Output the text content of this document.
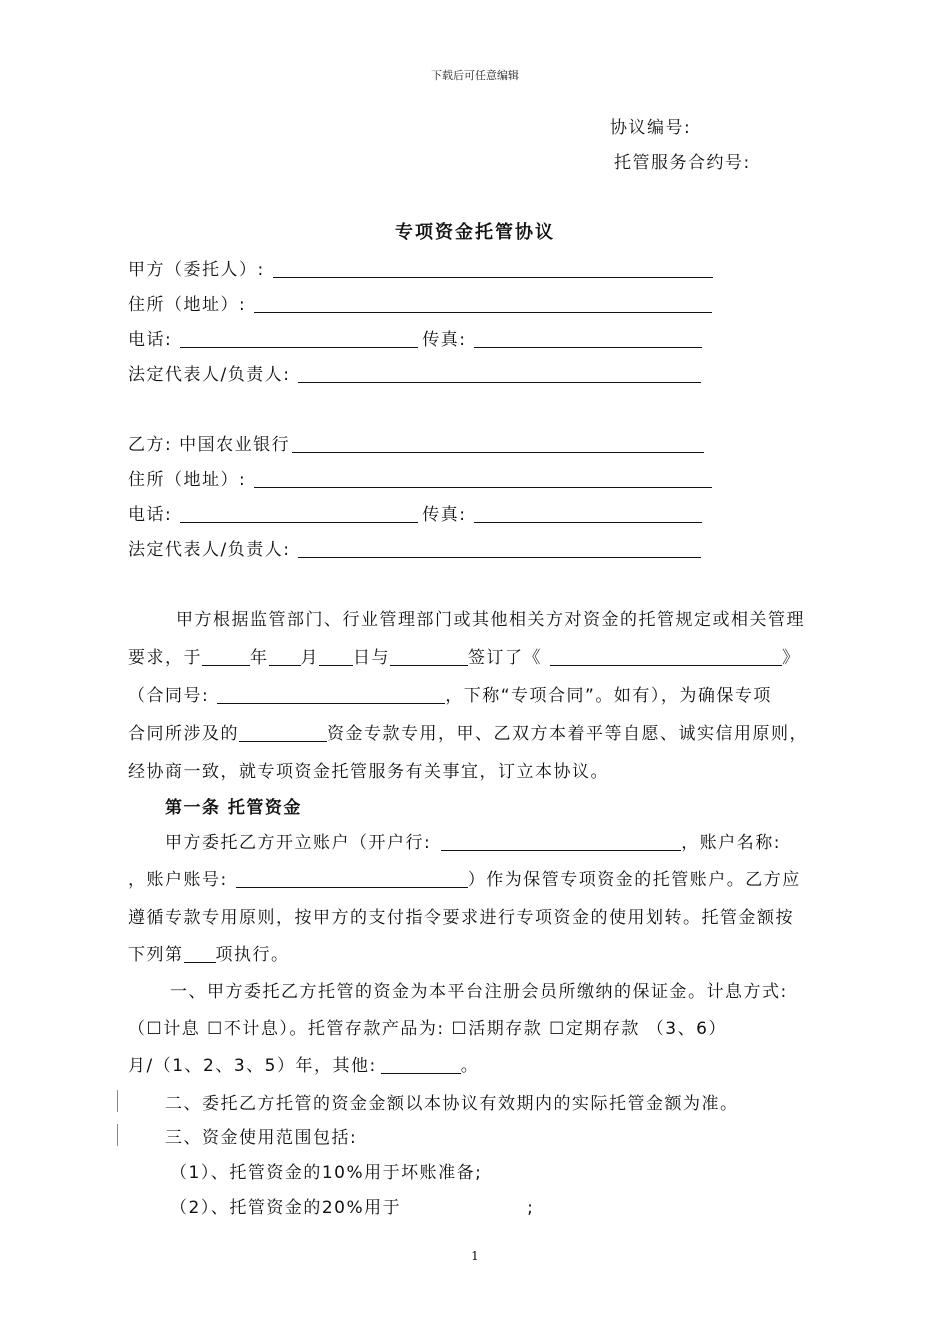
下载后可任意编辑
协议编号:
托管服务合约号:
专项资金托管协议
甲方（委托人）:
住所（地址）:
电话:	传真:
法定代表人/负责人:
乙方: 中国农业银行
住所（地址）:
电话:	传真:
法定代表人/负责人:
甲方根据监管部门、行业管理部门或其他相关方对资金的托管规定或相关管理
要求，于	年 月 日与	签订了《	》
（合同号:	，下称“专项合同”。如有），为确保专项
合同所涉及的	资金专款专用，甲、乙双方本着平等自愿、诚实信用原则，
经协商一致，就专项资金托管服务有关事宜，订立本协议。
第一条 托管资金
甲方委托乙方开立账户（开户行:	，账户名称:
，账户账号:	）作为保管专项资金的托管账户。乙方应
遵循专款专用原则，按甲方的支付指令要求进行专项资金的使用划转。托管金额按
下列第 项执行。
一、甲方委托乙方托管的资金为本平台注册会员所缴纳的保证金。计息方式:
（☐计息 ☐不计息）。托管存款产品为: ☐活期存款 ☐定期存款 （3、6）
月/（1、2、3、5）年，其他:	。
二、委托乙方托管的资金金额以本协议有效期内的实际托管金额为准。
三、资金使用范围包括:
（1）、托管资金的10%用于坏账准备;
（2）、托管资金的20%用于	;
1
